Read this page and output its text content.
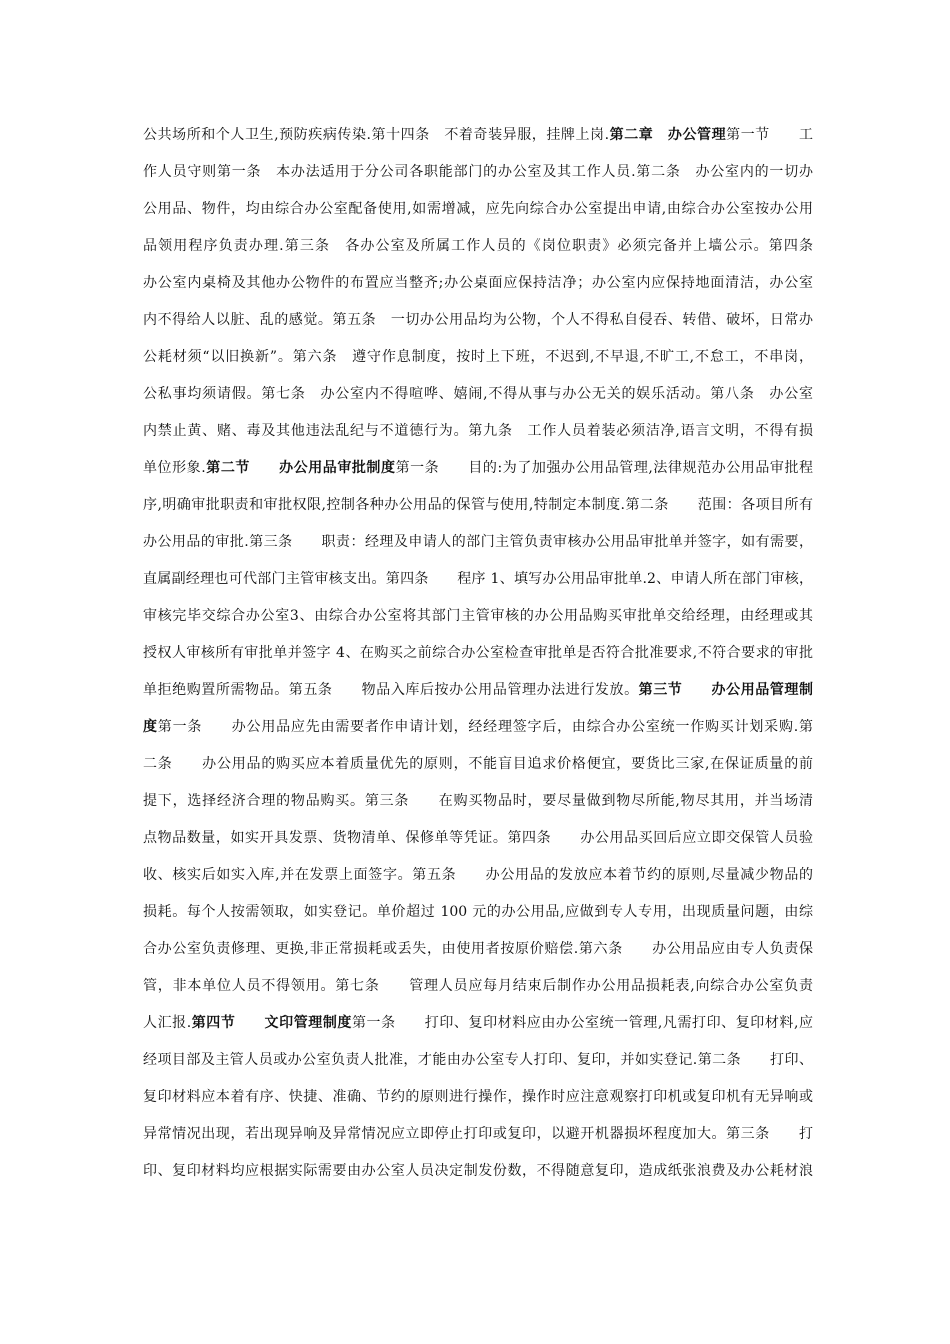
公共场所和个人卫生,预防疾病传染.第十四条　不着奇装异服，挂牌上岗.第二章　办公管理第一节　　工
作人员守则第一条　本办法适用于分公司各职能部门的办公室及其工作人员.第二条　办公室内的一切办
公用品、物件，均由综合办公室配备使用,如需增减，应先向综合办公室提出申请,由综合办公室按办公用
品领用程序负责办理.第三条　各办公室及所属工作人员的《岗位职责》必须完备并上墙公示。第四条
办公室内桌椅及其他办公物件的布置应当整齐;办公桌面应保持洁净；办公室内应保持地面清洁，办公室
内不得给人以脏、乱的感觉。第五条　一切办公用品均为公物，个人不得私自侵吞、转借、破坏，日常办
公耗材须“以旧换新”。第六条　遵守作息制度，按时上下班，不迟到,不早退,不旷工,不怠工，不串岗，
公私事均须请假。第七条　办公室内不得喧哗、嬉闹,不得从事与办公无关的娱乐活动。第八条　办公室
内禁止黄、赌、毒及其他违法乱纪与不道德行为。第九条　工作人员着装必须洁净,语言文明，不得有损
单位形象.第二节　　办公用品审批制度第一条　　目的:为了加强办公用品管理,法律规范办公用品审批程
序,明确审批职责和审批权限,控制各种办公用品的保管与使用,特制定本制度.第二条　　范围：各项目所有
办公用品的审批.第三条　　职责：经理及申请人的部门主管负责审核办公用品审批单并签字，如有需要，
直属副经理也可代部门主管审核支出。第四条　　程序 1、填写办公用品审批单.2、申请人所在部门审核，
审核完毕交综合办公室3、由综合办公室将其部门主管审核的办公用品购买审批单交给经理，由经理或其
授权人审核所有审批单并签字 4、在购买之前综合办公室检查审批单是否符合批准要求,不符合要求的审批
单拒绝购置所需物品。第五条　　物品入库后按办公用品管理办法进行发放。第三节　　办公用品管理制
度第一条　　办公用品应先由需要者作申请计划，经经理签字后，由综合办公室统一作购买计划采购.第
二条　　办公用品的购买应本着质量优先的原则，不能盲目追求价格便宜，要货比三家,在保证质量的前
提下，选择经济合理的物品购买。第三条　　在购买物品时，要尽量做到物尽所能,物尽其用，并当场清
点物品数量，如实开具发票、货物清单、保修单等凭证。第四条　　办公用品买回后应立即交保管人员验
收、核实后如实入库,并在发票上面签字。第五条　　办公用品的发放应本着节约的原则,尽量减少物品的
损耗。每个人按需领取，如实登记。单价超过 100 元的办公用品,应做到专人专用，出现质量问题，由综
合办公室负责修理、更换,非正常损耗或丢失，由使用者按原价赔偿.第六条　　办公用品应由专人负责保
管，非本单位人员不得领用。第七条　　管理人员应每月结束后制作办公用品损耗表,向综合办公室负责
人汇报.第四节　　文印管理制度第一条　　打印、复印材料应由办公室统一管理,凡需打印、复印材料,应
经项目部及主管人员或办公室负责人批准，才能由办公室专人打印、复印，并如实登记.第二条　　打印、
复印材料应本着有序、快捷、准确、节约的原则进行操作，操作时应注意观察打印机或复印机有无异响或
异常情况出现，若出现异响及异常情况应立即停止打印或复印，以避开机器损坏程度加大。第三条　　打
印、复印材料均应根据实际需要由办公室人员决定制发份数，不得随意复印，造成纸张浪费及办公耗材浪
